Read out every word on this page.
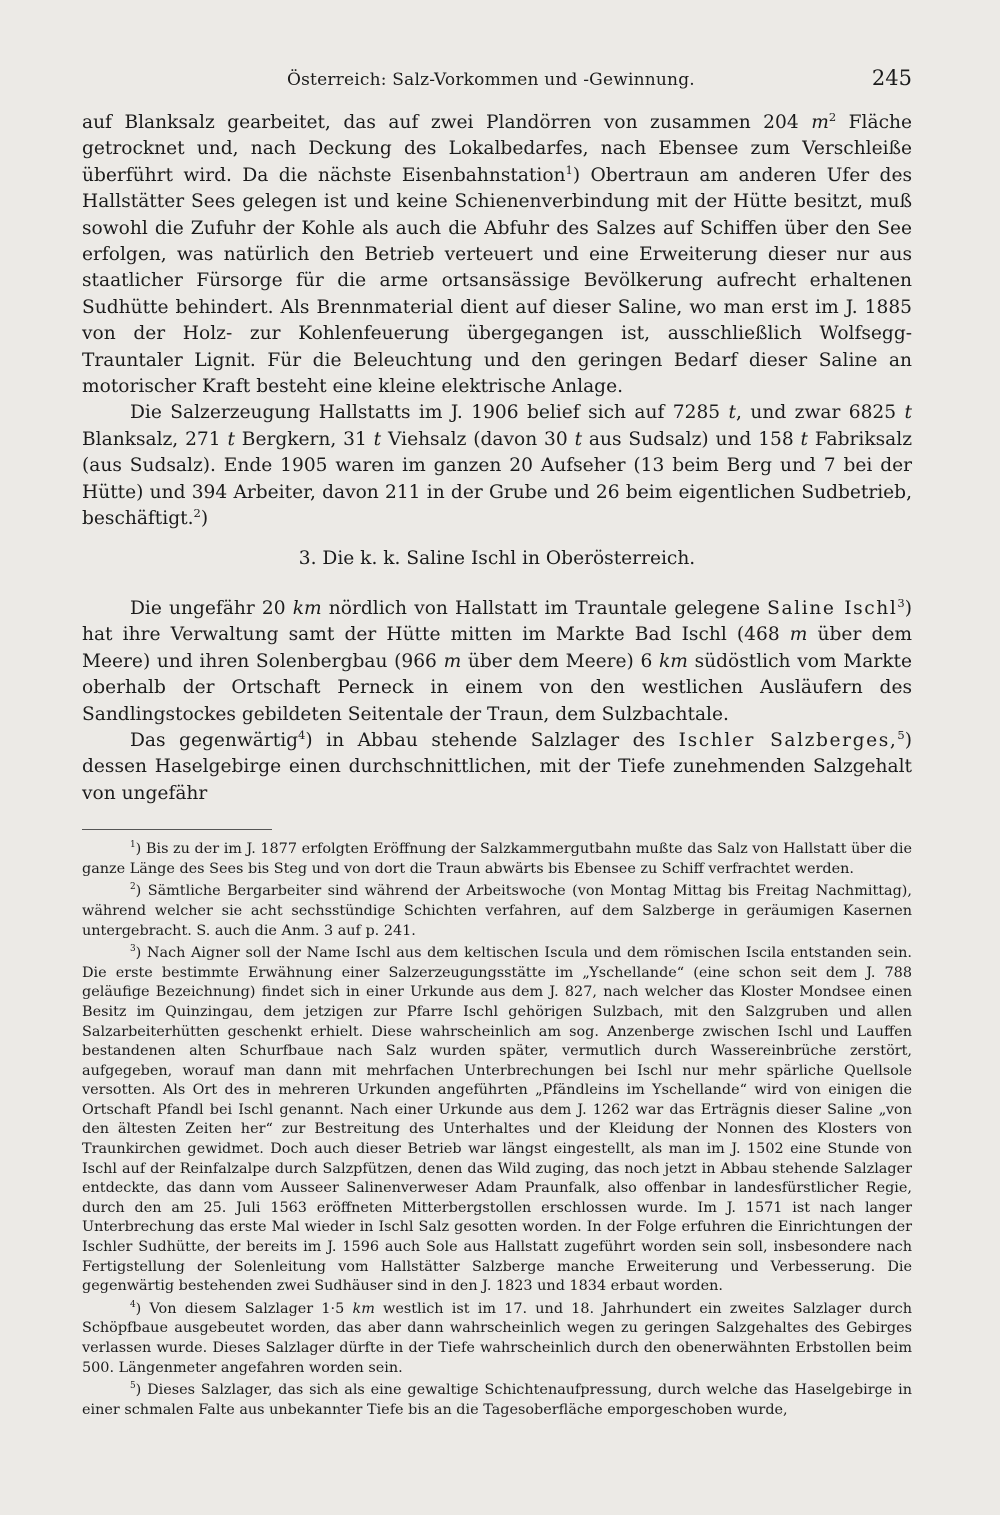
Österreich: Salz-Vorkommen und -Gewinnung.	245

auf Blanksalz gearbeitet, das auf zwei Plandörren von zusammen 204 $m^2$ Fläche getrocknet und, nach Deckung des Lokalbedarfes, nach Ebensee zum Verschleiße überführt wird. Da die nächste Eisenbahnstation$^1$) Obertraun am anderen Ufer des Hallstätter Sees gelegen ist und keine Schienenverbindung mit der Hütte besitzt, muß sowohl die Zufuhr der Kohle als auch die Abfuhr des Salzes auf Schiffen über den See erfolgen, was natürlich den Betrieb verteuert und eine Erweiterung dieser nur aus staatlicher Fürsorge für die arme ortsansässige Bevölkerung aufrecht erhaltenen Sudhütte behindert. Als Brennmaterial dient auf dieser Saline, wo man erst im J. 1885 von der Holz- zur Kohlenfeuerung übergegangen ist, ausschließlich Wolfsegg-Trauntaler Lignit. Für die Beleuchtung und den geringen Bedarf dieser Saline an motorischer Kraft besteht eine kleine elektrische Anlage.

Die Salzerzeugung Hallstatts im J. 1906 belief sich auf 7285 t, und zwar 6825 t Blanksalz, 271 t Bergkern, 31 t Viehsalz (davon 30 t aus Sudsalz) und 158 t Fabriksalz (aus Sudsalz). Ende 1905 waren im ganzen 20 Aufseher (13 beim Berg und 7 bei der Hütte) und 394 Arbeiter, davon 211 in der Grube und 26 beim eigentlichen Sudbetrieb, beschäftigt.$^2$)

3. Die k. k. Saline Ischl in Oberösterreich.

Die ungefähr 20 km nördlich von Hallstatt im Trauntale gelegene Saline Ischl$^3$) hat ihre Verwaltung samt der Hütte mitten im Markte Bad Ischl (468 m über dem Meere) und ihren Solenbergbau (966 m über dem Meere) 6 km südöstlich vom Markte oberhalb der Ortschaft Perneck in einem von den westlichen Ausläufern des Sandlingstockes gebildeten Seitentale der Traun, dem Sulzbachtale.

Das gegenwärtig$^4$) in Abbau stehende Salzlager des Ischler Salzberges,$^5$) dessen Haselgebirge einen durchschnittlichen, mit der Tiefe zunehmenden Salzgehalt von ungefähr

$^1$) Bis zu der im J. 1877 erfolgten Eröffnung der Salzkammergutbahn mußte das Salz von Hallstatt über die ganze Länge des Sees bis Steg und von dort die Traun abwärts bis Ebensee zu Schiff verfrachtet werden.

$^2$) Sämtliche Bergarbeiter sind während der Arbeitswoche (von Montag Mittag bis Freitag Nachmittag), während welcher sie acht sechsstündige Schichten verfahren, auf dem Salzberge in geräumigen Kasernen untergebracht. S. auch die Anm. 3 auf p. 241.

$^3$) Nach Aigner soll der Name Ischl aus dem keltischen Iscula und dem römischen Iscila entstanden sein. Die erste bestimmte Erwähnung einer Salzerzeugungsstätte im „Yschellande“ (eine schon seit dem J. 788 geläufige Bezeichnung) findet sich in einer Urkunde aus dem J. 827, nach welcher das Kloster Mondsee einen Besitz im Quinzingau, dem jetzigen zur Pfarre Ischl gehörigen Sulzbach, mit den Salzgruben und allen Salzarbeiterhütten geschenkt erhielt. Diese wahrscheinlich am sog. Anzenberge zwischen Ischl und Lauffen bestandenen alten Schurfbaue nach Salz wurden später, vermutlich durch Wassereinbrüche zerstört, aufgegeben, worauf man dann mit mehrfachen Unterbrechungen bei Ischl nur mehr spärliche Quellsole versotten. Als Ort des in mehreren Urkunden angeführten „Pfändleins im Yschellande“ wird von einigen die Ortschaft Pfandl bei Ischl genannt. Nach einer Urkunde aus dem J. 1262 war das Erträgnis dieser Saline „von den ältesten Zeiten her“ zur Bestreitung des Unterhaltes und der Kleidung der Nonnen des Klosters von Traunkirchen gewidmet. Doch auch dieser Betrieb war längst eingestellt, als man im J. 1502 eine Stunde von Ischl auf der Reinfalzalpe durch Salzpfützen, denen das Wild zuging, das noch jetzt in Abbau stehende Salzlager entdeckte, das dann vom Ausseer Salinenverweser Adam Praunfalk, also offenbar in landesfürstlicher Regie, durch den am 25. Juli 1563 eröffneten Mitterbergstollen erschlossen wurde. Im J. 1571 ist nach langer Unterbrechung das erste Mal wieder in Ischl Salz gesotten worden. In der Folge erfuhren die Einrichtungen der Ischler Sudhütte, der bereits im J. 1596 auch Sole aus Hallstatt zugeführt worden sein soll, insbesondere nach Fertigstellung der Solenleitung vom Hallstätter Salzberge manche Erweiterung und Verbesserung. Die gegenwärtig bestehenden zwei Sudhäuser sind in den J. 1823 und 1834 erbaut worden.

$^4$) Von diesem Salzlager 1·5 km westlich ist im 17. und 18. Jahrhundert ein zweites Salzlager durch Schöpfbaue ausgebeutet worden, das aber dann wahrscheinlich wegen zu geringen Salzgehaltes des Gebirges verlassen wurde. Dieses Salzlager dürfte in der Tiefe wahrscheinlich durch den obenerwähnten Erbstollen beim 500. Längenmeter angefahren worden sein.

$^5$) Dieses Salzlager, das sich als eine gewaltige Schichtenaufpressung, durch welche das Haselgebirge in einer schmalen Falte aus unbekannter Tiefe bis an die Tagesoberfläche emporgeschoben wurde,
